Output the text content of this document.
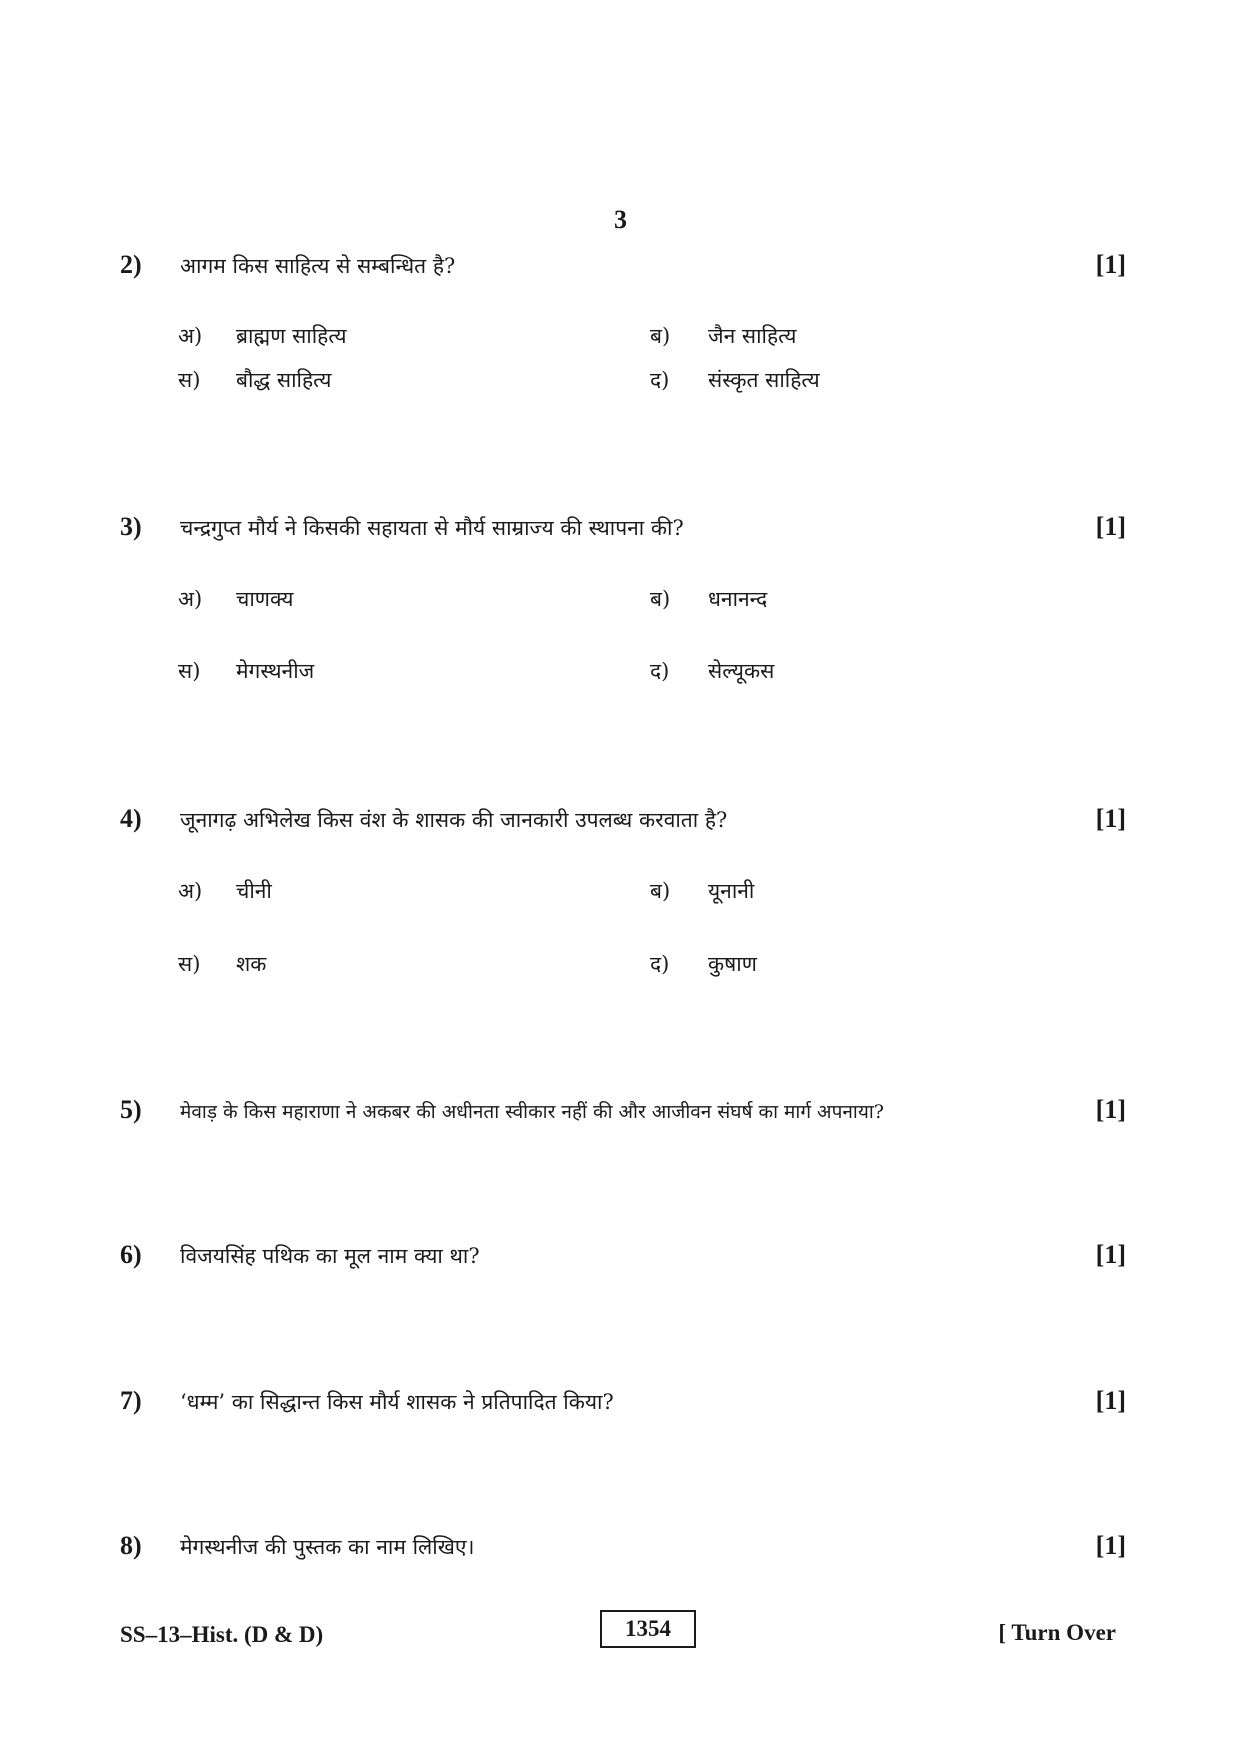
3
2) आगम किस साहित्य से सम्बन्धित है?	[1]
अ) ब्राह्मण साहित्य	ब) जैन साहित्य
स) बौद्ध साहित्य	द) संस्कृत साहित्य
3) चन्द्रगुप्त मौर्य ने किसकी सहायता से मौर्य साम्राज्य की स्थापना की?	[1]
अ) चाणक्य	ब) धनानन्द
स) मेगस्थनीज	द) सेल्यूकस
4) जूनागढ़ अभिलेख किस वंश के शासक की जानकारी उपलब्ध करवाता है?	[1]
अ) चीनी	ब) यूनानी
स) शक	द) कुषाण
5) मेवाड़ के किस महाराणा ने अकबर की अधीनता स्वीकार नहीं की और आजीवन संघर्ष का मार्ग अपनाया?	[1]
6) विजयसिंह पथिक का मूल नाम क्या था?	[1]
7) ‘धम्म’ का सिद्धान्त किस मौर्य शासक ने प्रतिपादित किया?	[1]
8) मेगस्थनीज की पुस्तक का नाम लिखिए।	[1]
SS–13–Hist. (D & D)	1354	[ Turn Over
